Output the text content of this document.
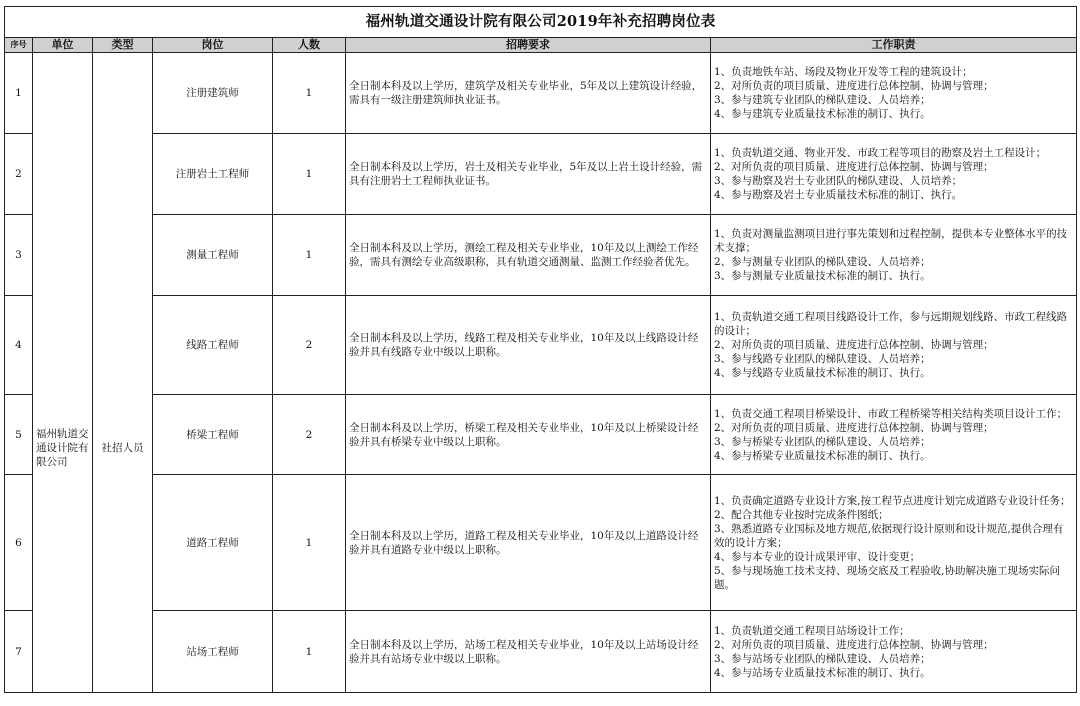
福州轨道交通设计院有限公司2019年补充招聘岗位表						
序号	单位	类型	岗位	人数	招聘要求	工作职责
1	福州轨道交通设计院有限公司	社招人员	注册建筑师	1	全日制本科及以上学历，建筑学及相关专业毕业，5年及以上建筑设计经验，需具有一级注册建筑师执业证书。	1、负责地铁车站、场段及物业开发等工程的建筑设计；
2、对所负责的项目质量、进度进行总体控制、协调与管理；
3、参与建筑专业团队的梯队建设、人员培养；
4、参与建筑专业质量技术标准的制订、执行。

2			注册岩土工程师	1	全日制本科及以上学历，岩土及相关专业毕业，5年及以上岩土设计经验，需具有注册岩土工程师执业证书。	1、负责轨道交通、物业开发、市政工程等项目的勘察及岩土工程设计；
2、对所负责的项目质量、进度进行总体控制、协调与管理；
3、参与勘察及岩土专业团队的梯队建设、人员培养；
4、参与勘察及岩土专业质量技术标准的制订、执行。

3			测量工程师	1	全日制本科及以上学历，测绘工程及相关专业毕业，10年及以上测绘工作经验，需具有测绘专业高级职称，具有轨道交通测量、监测工作经验者优先。	1、负责对测量监测项目进行事先策划和过程控制，提供本专业整体水平的技术支撑；
2、参与测量专业团队的梯队建设、人员培养；
3、参与测量专业质量技术标准的制订、执行。

4			线路工程师	2	全日制本科及以上学历，线路工程及相关专业毕业，10年及以上线路设计经验并具有线路专业中级以上职称。	1、负责轨道交通工程项目线路设计工作，参与远期规划线路、市政工程线路的设计；
2、对所负责的项目质量、进度进行总体控制、协调与管理；
3、参与线路专业团队的梯队建设、人员培养；
4、参与线路专业质量技术标准的制订、执行。

5			桥梁工程师	2	全日制本科及以上学历，桥梁工程及相关专业毕业，10年及以上桥梁设计经验并具有桥梁专业中级以上职称。	1、负责交通工程项目桥梁设计、市政工程桥梁等相关结构类项目设计工作；
2、对所负责的项目质量、进度进行总体控制、协调与管理；
3、参与桥梁专业团队的梯队建设、人员培养；
4、参与桥梁专业质量技术标准的制订、执行。

6			道路工程师	1	全日制本科及以上学历，道路工程及相关专业毕业，10年及以上道路设计经验并具有道路专业中级以上职称。	1、负责确定道路专业设计方案,按工程节点进度计划完成道路专业设计任务；
2、配合其他专业按时完成条件图纸；
3、熟悉道路专业国标及地方规范,依据现行设计原则和设计规范,提供合理有效的设计方案；
4、参与本专业的设计成果评审、设计变更；
5、参与现场施工技术支持、现场交底及工程验收,协助解决施工现场实际问题。

7			站场工程师	1	全日制本科及以上学历，站场工程及相关专业毕业，10年及以上站场设计经验并具有站场专业中级以上职称。	1、负责轨道交通工程项目站场设计工作；
2、对所负责的项目质量、进度进行总体控制、协调与管理；
3、参与站场专业团队的梯队建设、人员培养；
4、参与站场专业质量技术标准的制订、执行。
